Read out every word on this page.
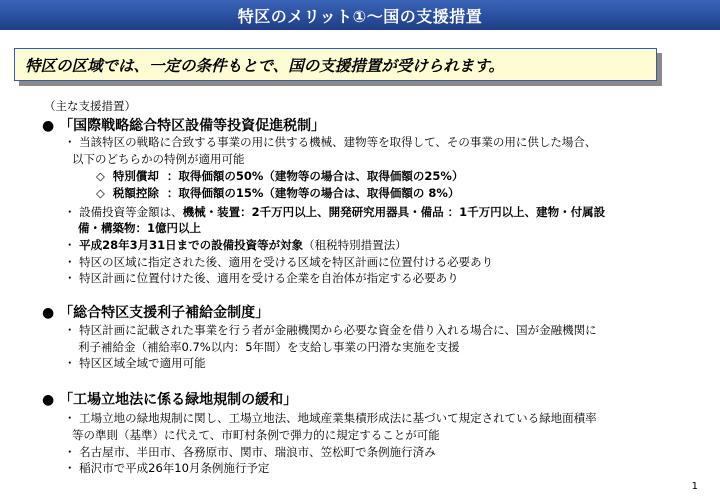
特区のメリット①～国の支援措置
特区の区域では、一定の条件もとで、国の支援措置が受けられます。
（主な支援措置）
● 「国際戦略総合特区設備等投資促進税制」
・ 当該特区の戦略に合致する事業の用に供する機械、建物等を取得して、その事業の用に供した場合、
以下のどちらかの特例が適用可能
◇ 特別償却 ：取得価額の50%（建物等の場合は、取得価額の25%）
◇ 税額控除 ：取得価額の15%（建物等の場合は、取得価額の 8%）
・ 設備投資等金額は、機械・装置：2千万円以上、開発研究用器具・備品 ：1千万円以上、建物・付属設
備・構築物：1億円以上
・ 平成28年3月31日までの設備投資等が対象（租税特別措置法）
・ 特区の区域に指定された後、適用を受ける区域を特区計画に位置付ける必要あり
・ 特区計画に位置付けた後、適用を受ける企業を自治体が指定する必要あり
● 「総合特区支援利子補給金制度」
・ 特区計画に記載された事業を行う者が金融機関から必要な資金を借り入れる場合に、国が金融機関に
利子補給金（補給率0.7%以内：5年間）を支給し事業の円滑な実施を支援
・ 特区区域全域で適用可能
● 「工場立地法に係る緑地規制の緩和」
・ 工場立地の緑地規制に関し、工場立地法、地域産業集積形成法に基づいて規定されている緑地面積率
等の準則（基準）に代えて、市町村条例で弾力的に規定することが可能
・ 名古屋市、半田市、各務原市、関市、瑞浪市、笠松町で条例施行済み
・ 稲沢市で平成26年10月条例施行予定
1
